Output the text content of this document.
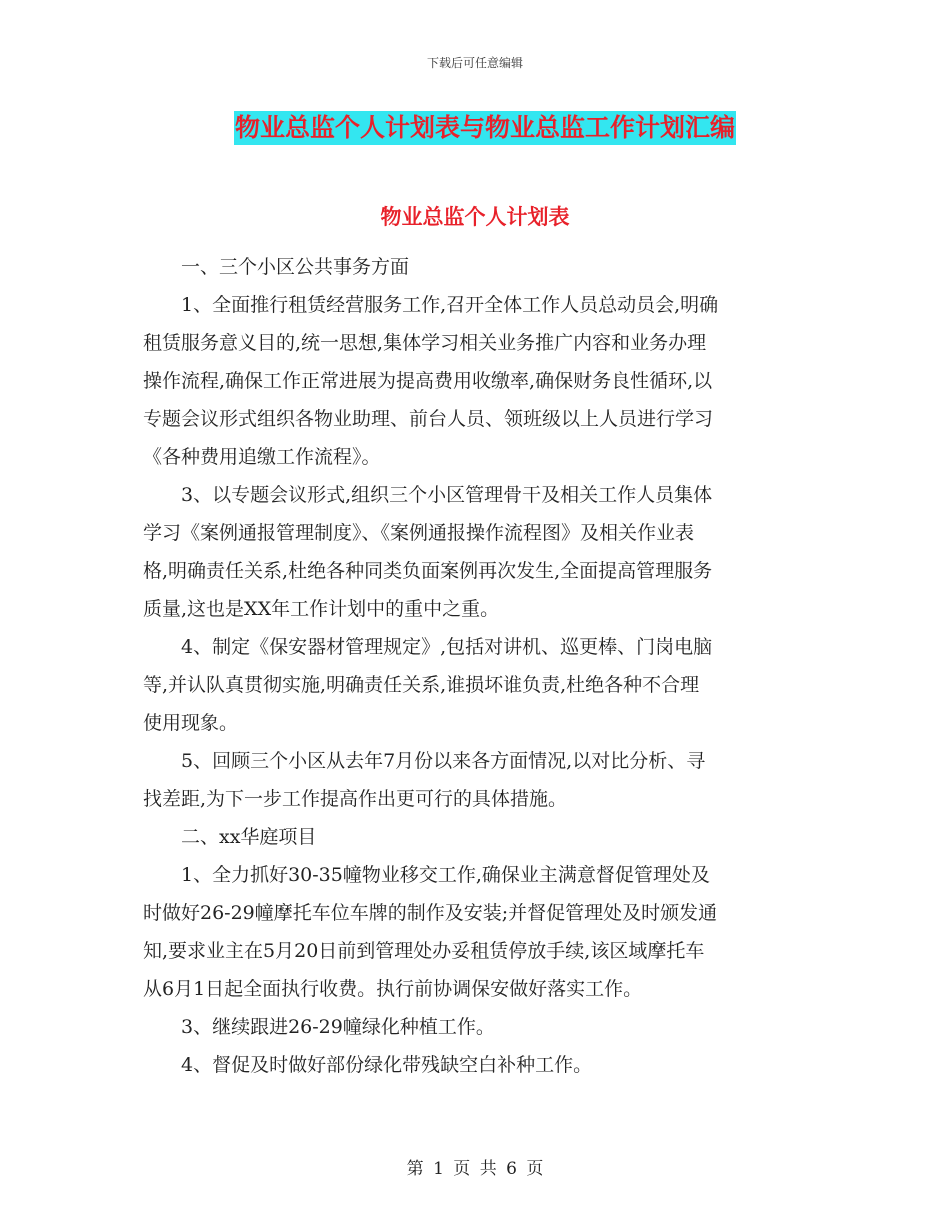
下载后可任意编辑
物业总监个人计划表与物业总监工作计划汇编
物业总监个人计划表

一、三个小区公共事务方面

1、全面推行租赁经营服务工作,召开全体工作人员总动员会,明确
租赁服务意义目的,统一思想,集体学习相关业务推广内容和业务办理
操作流程,确保工作正常进展为提高费用收缴率,确保财务良性循环,以
专题会议形式组织各物业助理、前台人员、领班级以上人员进行学习
《各种费用追缴工作流程》。

3、以专题会议形式,组织三个小区管理骨干及相关工作人员集体
学习《案例通报管理制度》、《案例通报操作流程图》及相关作业表
格,明确责任关系,杜绝各种同类负面案例再次发生,全面提高管理服务
质量,这也是XX年工作计划中的重中之重。

4、制定《保安器材管理规定》,包括对讲机、巡更棒、门岗电脑
等,并认队真贯彻实施,明确责任关系,谁损坏谁负责,杜绝各种不合理
使用现象。

5、回顾三个小区从去年7月份以来各方面情况,以对比分析、寻
找差距,为下一步工作提高作出更可行的具体措施。

二、xx华庭项目

1、全力抓好30-35幢物业移交工作,确保业主满意督促管理处及
时做好26-29幢摩托车位车牌的制作及安装;并督促管理处及时颁发通
知,要求业主在5月20日前到管理处办妥租赁停放手续,该区域摩托车
从6月1日起全面执行收费。执行前协调保安做好落实工作。

3、继续跟进26-29幢绿化种植工作。

4、督促及时做好部份绿化带残缺空白补种工作。

第 1 页 共 6 页
